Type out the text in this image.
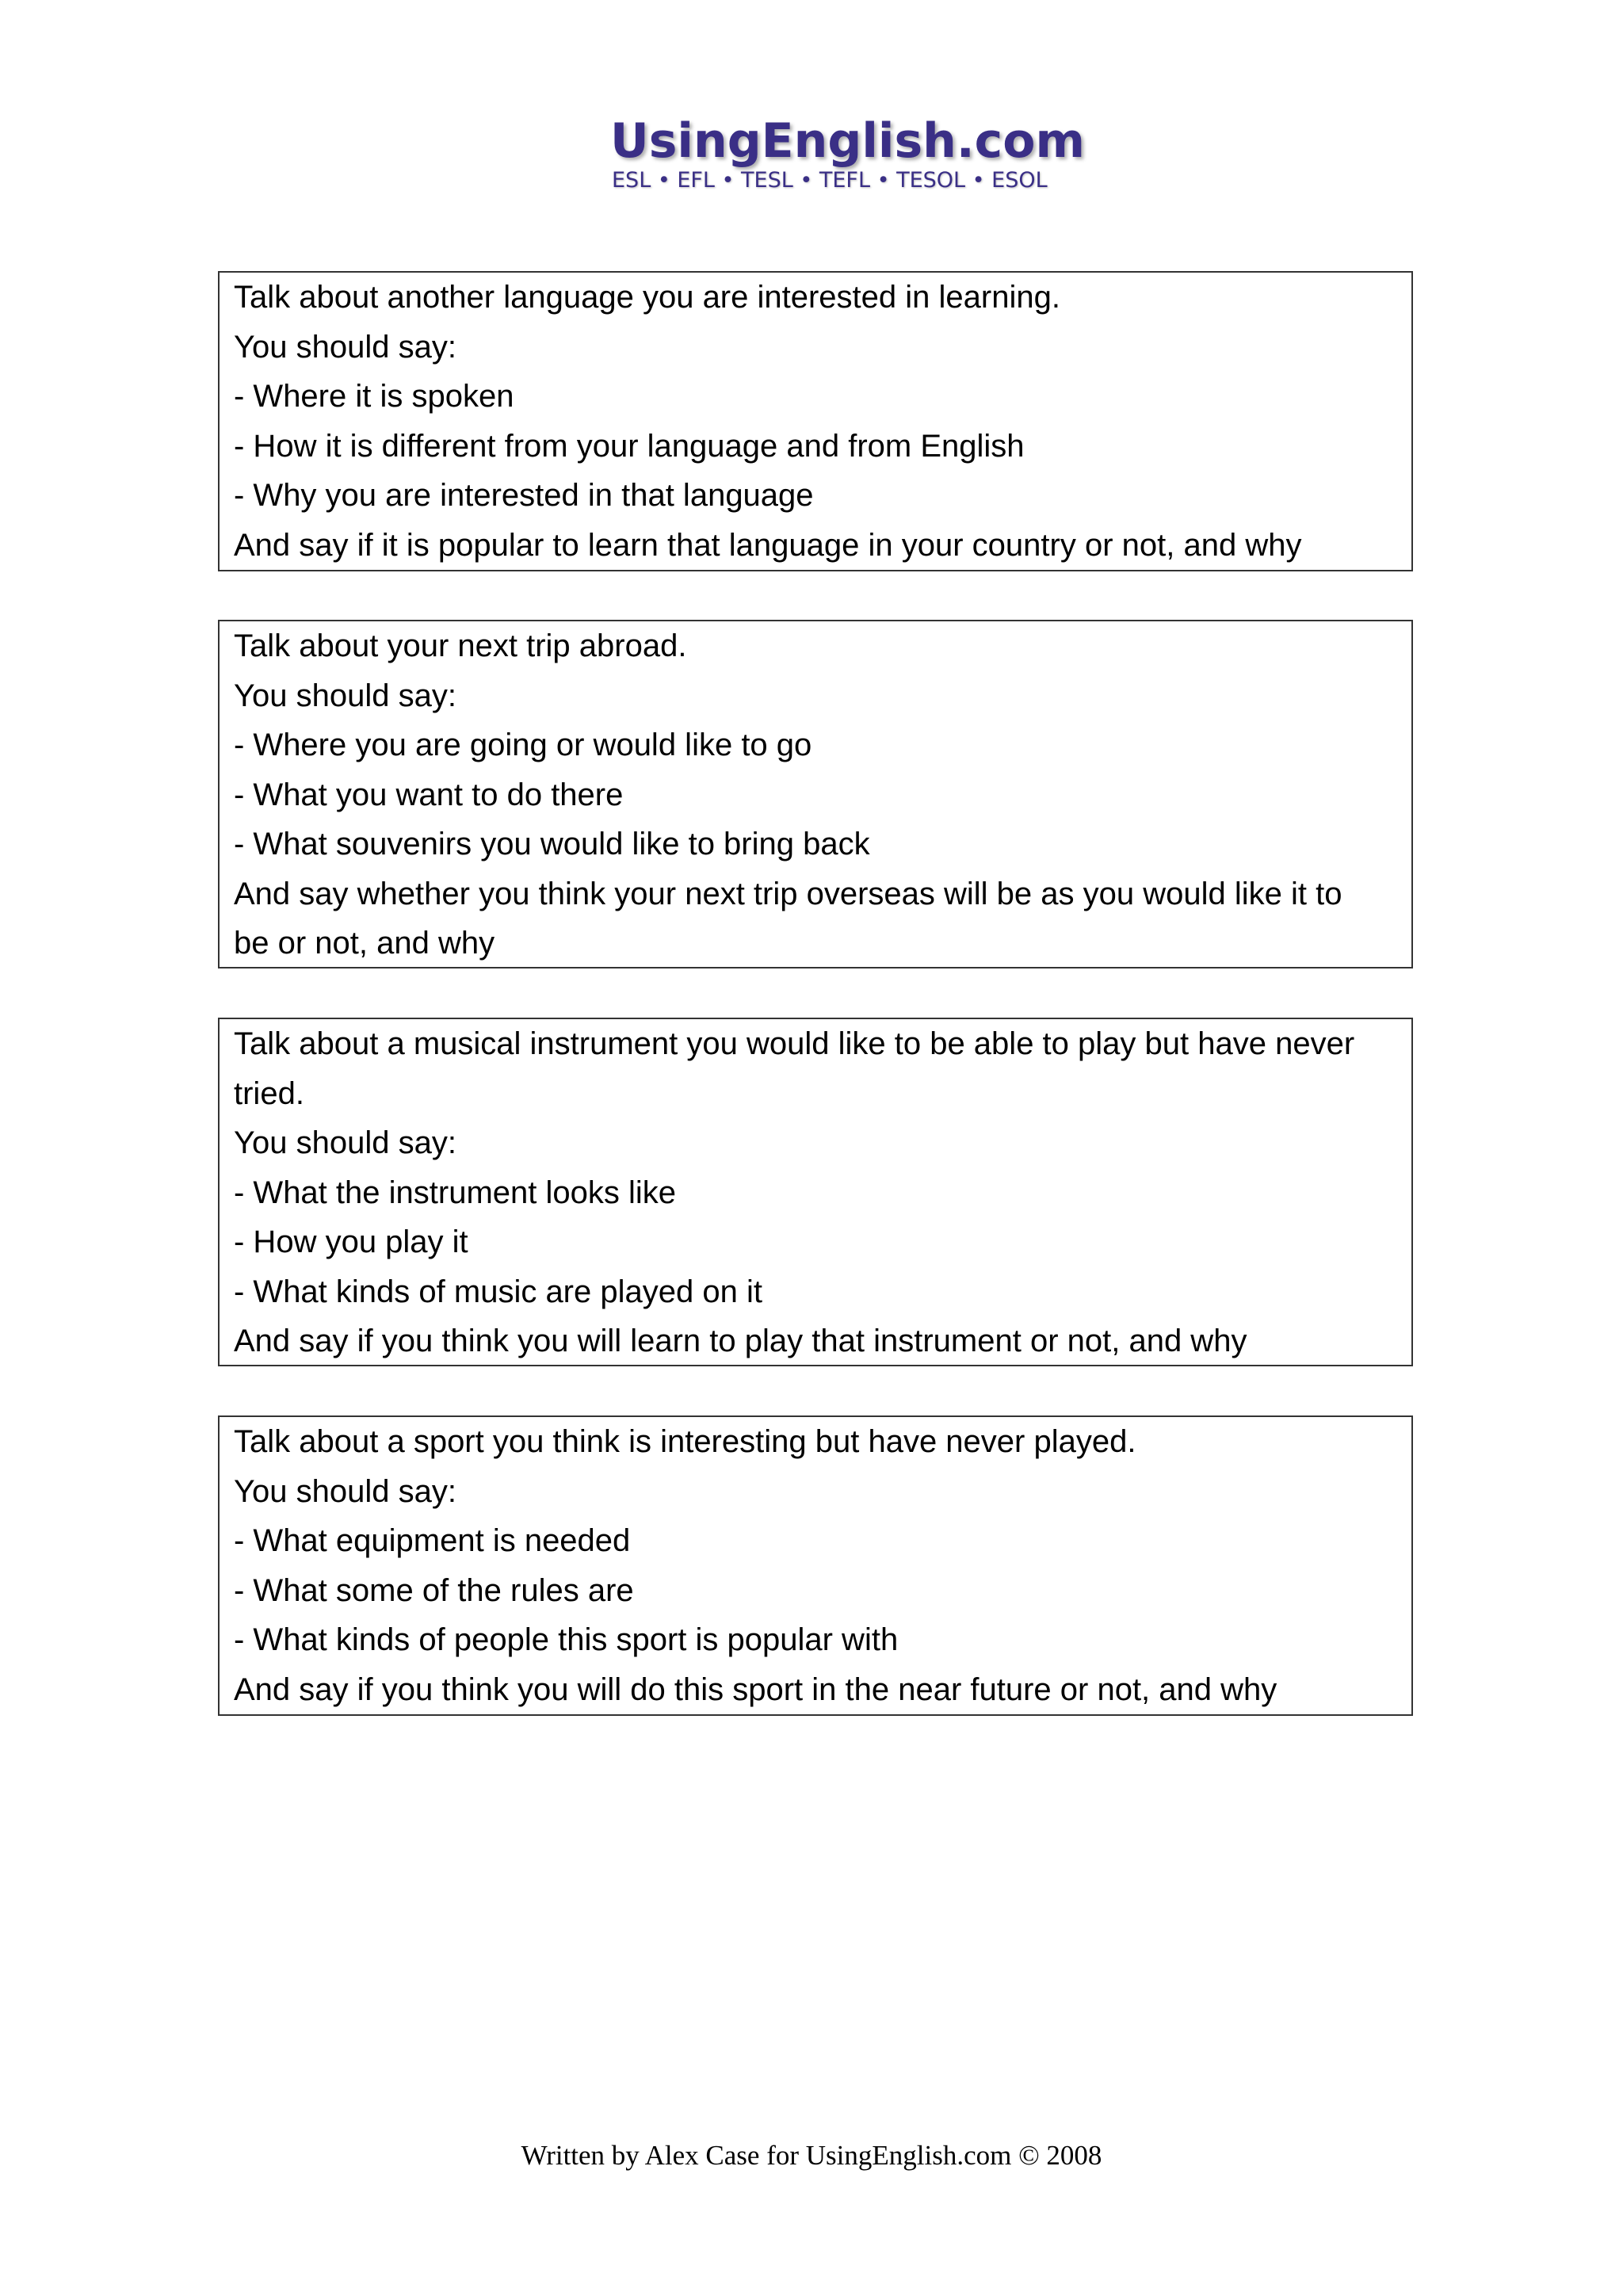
UsingEnglish.com
ESL • EFL • TESL • TEFL • TESOL • ESOL
Talk about another language you are interested in learning.
You should say:
- Where it is spoken
- How it is different from your language and from English
- Why you are interested in that language
And say if it is popular to learn that language in your country or not, and why
Talk about your next trip abroad.
You should say:
- Where you are going or would like to go
- What you want to do there
- What souvenirs you would like to bring back
And say whether you think your next trip overseas will be as you would like it to
be or not, and why
Talk about a musical instrument you would like to be able to play but have never
tried.
You should say:
- What the instrument looks like
- How you play it
- What kinds of music are played on it
And say if you think you will learn to play that instrument or not, and why
Talk about a sport you think is interesting but have never played.
You should say:
- What equipment is needed
- What some of the rules are
- What kinds of people this sport is popular with
And say if you think you will do this sport in the near future or not, and why
Written by Alex Case for UsingEnglish.com © 2008
